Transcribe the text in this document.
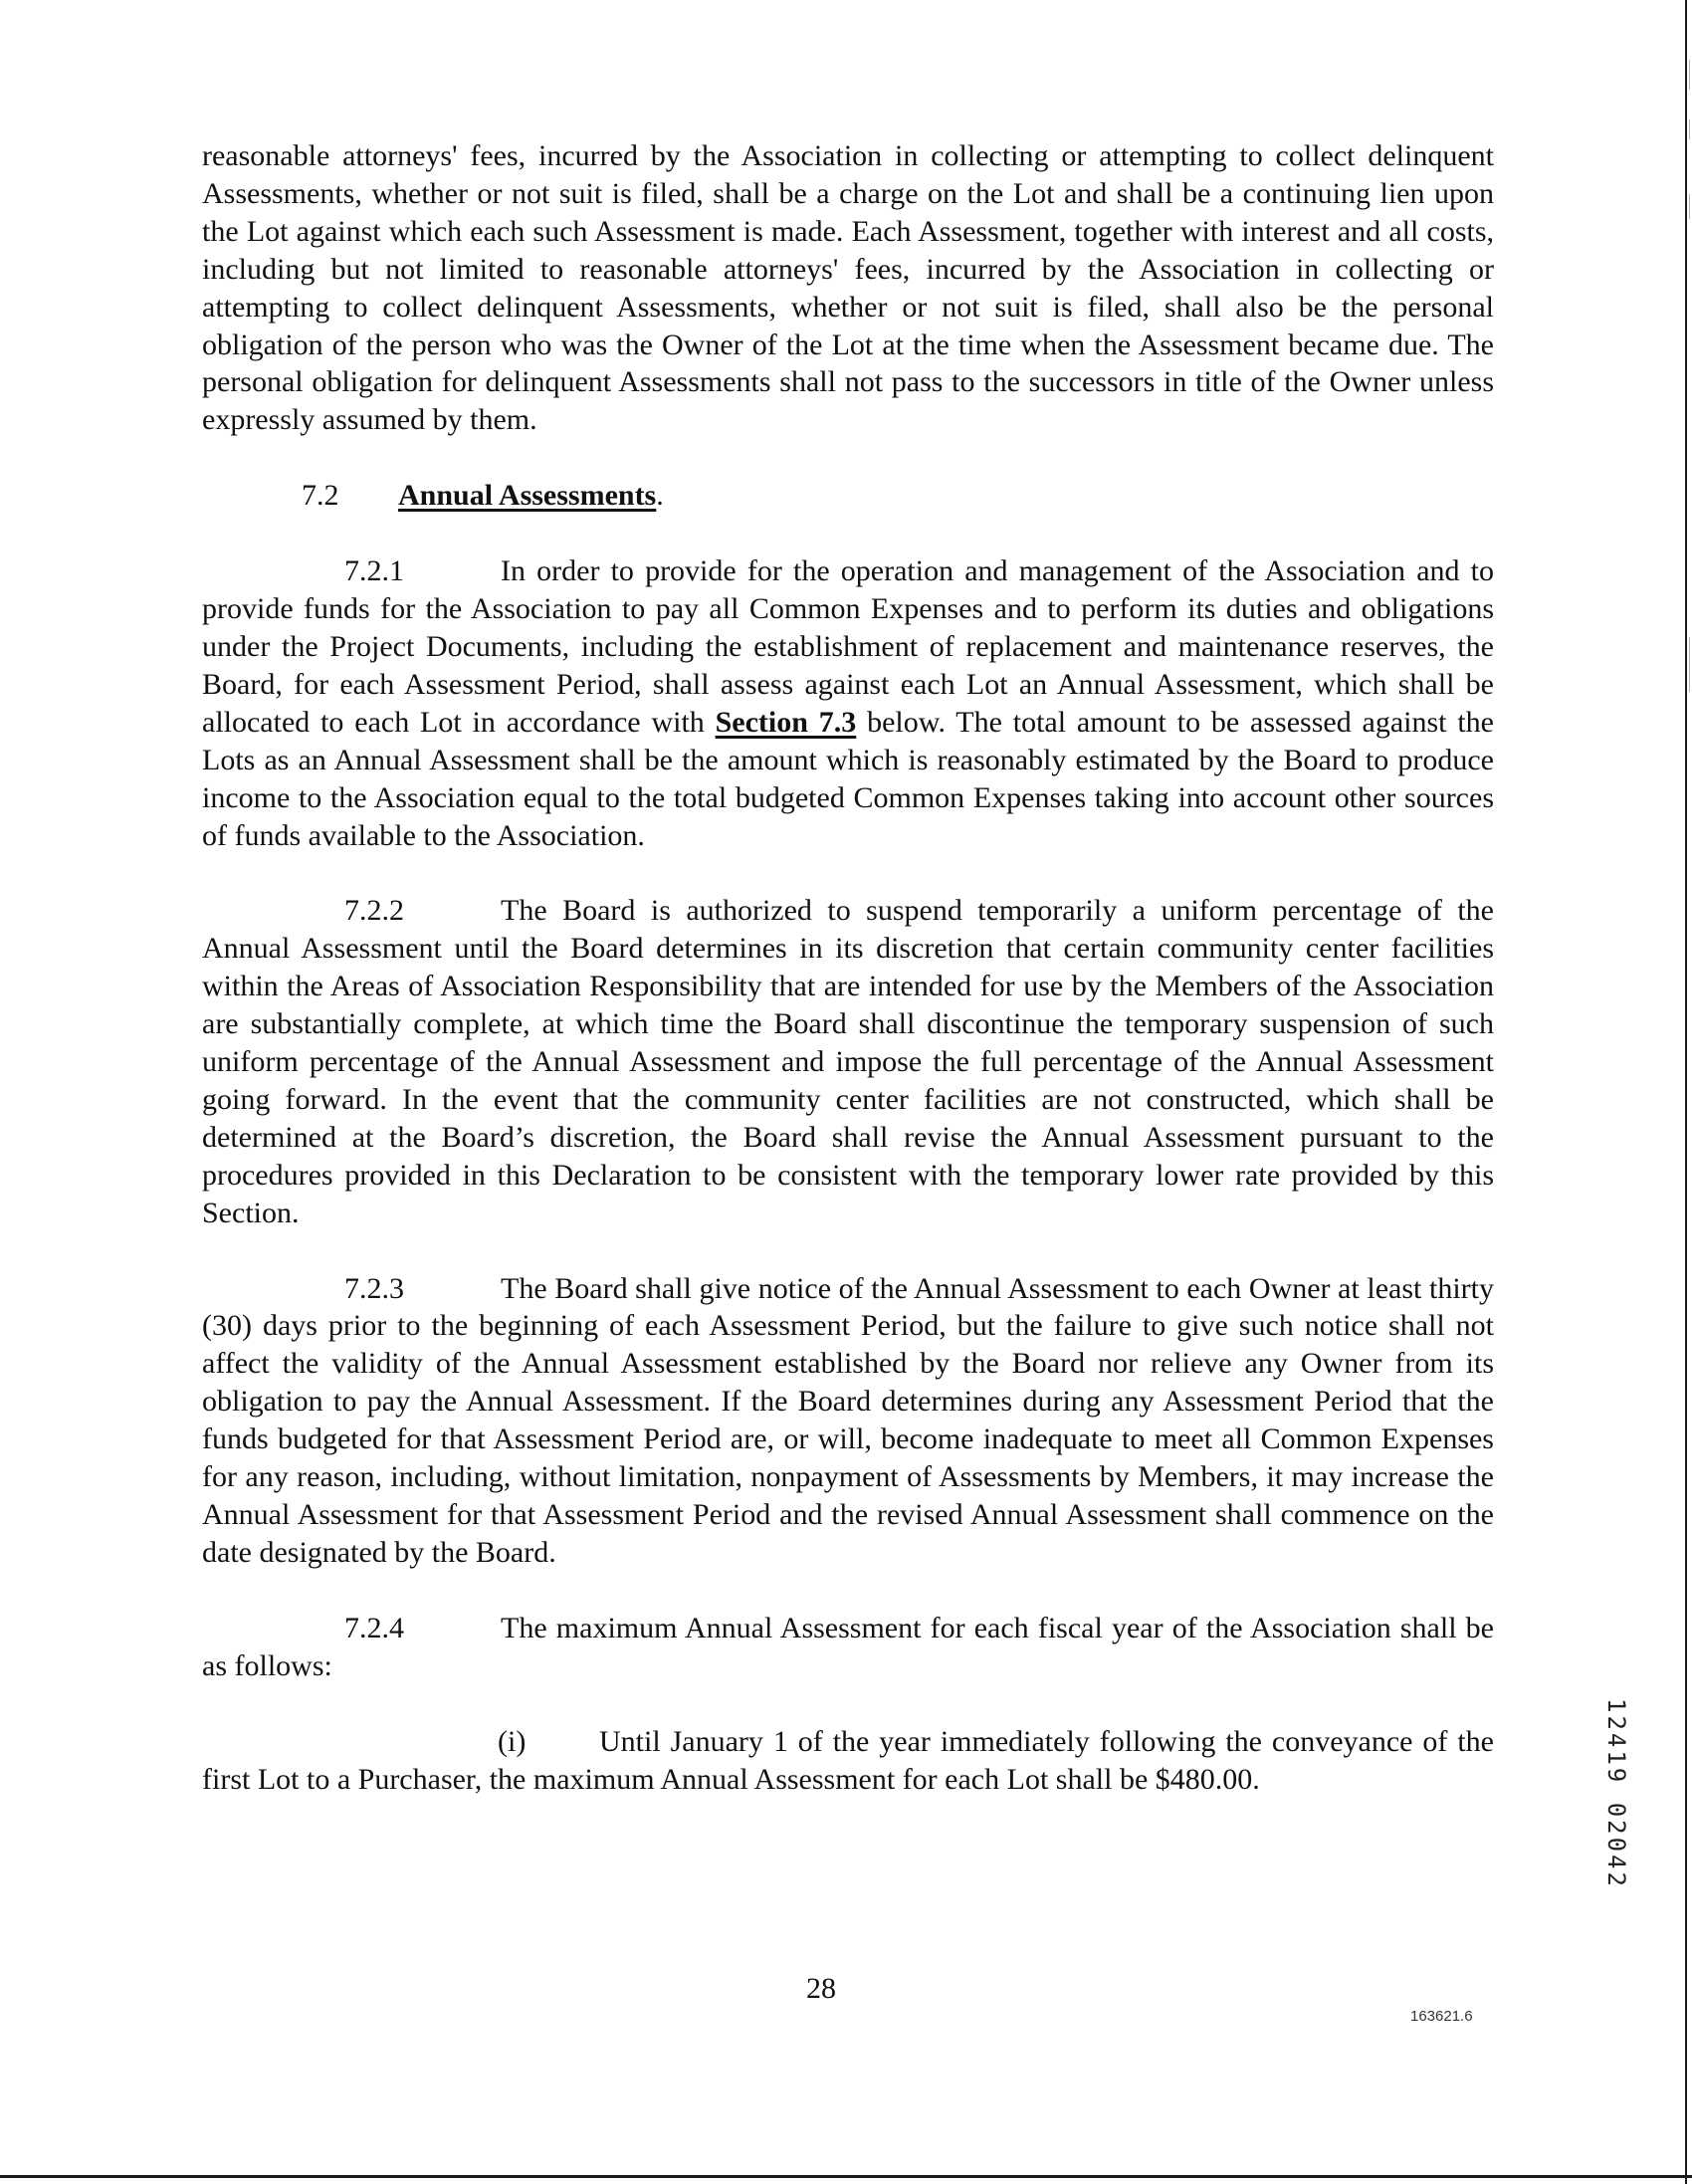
reasonable attorneys' fees, incurred by the Association in collecting or attempting to collect delinquent Assessments, whether or not suit is filed, shall be a charge on the Lot and shall be a continuing lien upon the Lot against which each such Assessment is made. Each Assessment, together with interest and all costs, including but not limited to reasonable attorneys' fees, incurred by the Association in collecting or attempting to collect delinquent Assessments, whether or not suit is filed, shall also be the personal obligation of the person who was the Owner of the Lot at the time when the Assessment became due. The personal obligation for delinquent Assessments shall not pass to the successors in title of the Owner unless expressly assumed by them.

7.2 Annual Assessments.

7.2.1	In order to provide for the operation and management of the Association and to provide funds for the Association to pay all Common Expenses and to perform its duties and obligations under the Project Documents, including the establishment of replacement and maintenance reserves, the Board, for each Assessment Period, shall assess against each Lot an Annual Assessment, which shall be allocated to each Lot in accordance with Section 7.3 below. The total amount to be assessed against the Lots as an Annual Assessment shall be the amount which is reasonably estimated by the Board to produce income to the Association equal to the total budgeted Common Expenses taking into account other sources of funds available to the Association.

7.2.2	The Board is authorized to suspend temporarily a uniform percentage of the Annual Assessment until the Board determines in its discretion that certain community center facilities within the Areas of Association Responsibility that are intended for use by the Members of the Association are substantially complete, at which time the Board shall discontinue the temporary suspension of such uniform percentage of the Annual Assessment and impose the full percentage of the Annual Assessment going forward. In the event that the community center facilities are not constructed, which shall be determined at the Board’s discretion, the Board shall revise the Annual Assessment pursuant to the procedures provided in this Declaration to be consistent with the temporary lower rate provided by this Section.

7.2.3	The Board shall give notice of the Annual Assessment to each Owner at least thirty (30) days prior to the beginning of each Assessment Period, but the failure to give such notice shall not affect the validity of the Annual Assessment established by the Board nor relieve any Owner from its obligation to pay the Annual Assessment. If the Board determines during any Assessment Period that the funds budgeted for that Assessment Period are, or will, become inadequate to meet all Common Expenses for any reason, including, without limitation, nonpayment of Assessments by Members, it may increase the Annual Assessment for that Assessment Period and the revised Annual Assessment shall commence on the date designated by the Board.

7.2.4	The maximum Annual Assessment for each fiscal year of the Association shall be as follows:

(i) Until January 1 of the year immediately following the conveyance of the first Lot to a Purchaser, the maximum Annual Assessment for each Lot shall be $480.00.

28
163621.6
12419 02042
